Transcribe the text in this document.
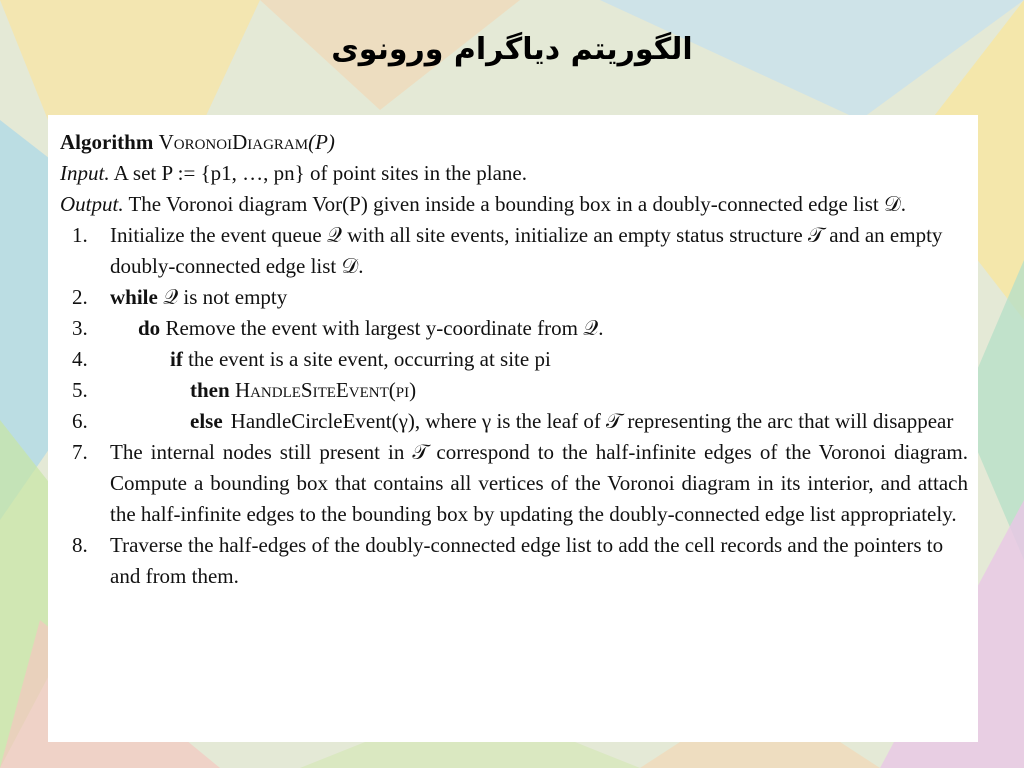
الگوریتم دیاگرام ورونوی
Algorithm VoronoiDiagram(P)
Input. A set P := {p1, …, pn} of point sites in the plane.
Output. The Voronoi diagram Vor(P) given inside a bounding box in a doubly-connected edge list 𝒟.
1.	Initialize the event queue 𝒬 with all site events, initialize an empty status structure 𝒯 and an empty doubly-connected edge list 𝒟.
2.	while 𝒬 is not empty
3.	do Remove the event with largest y-coordinate from 𝒬.
4.	if the event is a site event, occurring at site pi
5.	then HandleSiteEvent(pi)
6.	else HandleCircleEvent(γ), where γ is the leaf of 𝒯 representing the arc that will disappear
7.	The internal nodes still present in 𝒯 correspond to the half-infinite edges of the Voronoi diagram. Compute a bounding box that contains all vertices of the Voronoi diagram in its interior, and attach the half-infinite edges to the bounding box by updating the doubly-connected edge list appropriately.
8.	Traverse the half-edges of the doubly-connected edge list to add the cell records and the pointers to and from them.
